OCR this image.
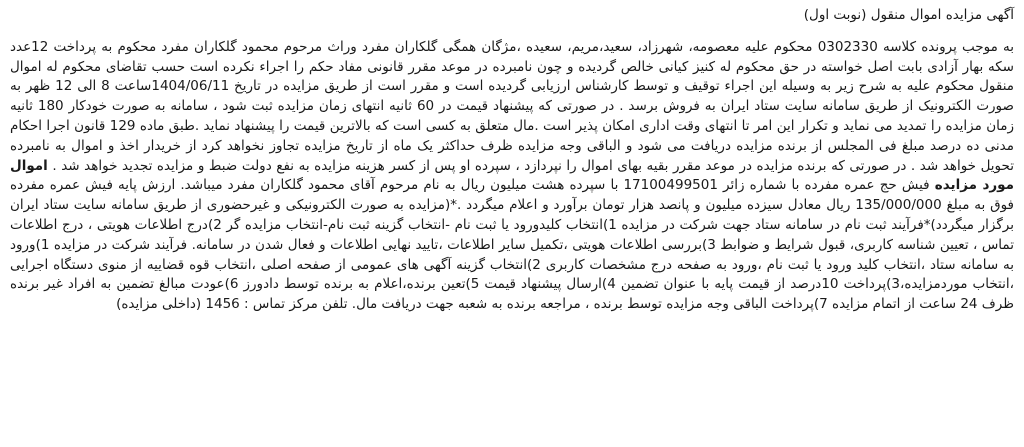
آگهی مزایده اموال منقول (نوبت اول)

به موجب پرونده کلاسه 0302330 محکوم علیه معصومه، شهرزاد، سعید،مریم، سعیده ،مژگان همگی گلکاران مفرد وراث مرحوم محمود گلکاران مفرد محکوم به پرداخت 12عدد سکه بهار آزادی بابت اصل خواسته در حق محکوم له کنیز کیانی خالص گردیده و چون نامبرده در موعد مقرر قانونی مفاد حکم را اجراء نکرده است حسب تقاضای محکوم له اموال منقول محکوم علیه به شرح زیر به وسیله این اجراء توقیف و توسط کارشناس ارزیابی گردیده است و مقرر است از طریق مزایده در تاریخ 1404/06/11ساعت 8 الی 12 ظهر به صورت الکترونیک از طریق سامانه سایت ستاد ایران به فروش برسد . در صورتی که پیشنهاد قیمت در 60 ثانیه انتهای زمان مزایده ثبت شود ، سامانه به صورت خودکار 180 ثانیه زمان مزایده را تمدید می نماید و تکرار این امر تا انتهای وقت اداری امکان پذیر است .مال متعلق به کسی است که بالاترین قیمت را پیشنهاد نماید .طبق ماده 129 قانون اجرا احکام مدنی ده درصد مبلغ فی المجلس از برنده مزایده دریافت می شود و الباقی وجه مزایده ظرف حداکثر یک ماه از تاریخ مزایده تجاوز نخواهد کرد از خریدار اخذ و اموال به نامبرده تحویل خواهد شد . در صورتی که برنده مزایده در موعد مقرر بقیه بهای اموال را نپردازد ، سپرده او پس از کسر هزینه مزایده به نفع دولت ضبط و مزایده تجدید خواهد شد . اموال مورد مزایده فیش حج عمره مفرده با شماره زائر 17100499501 با سپرده هشت میلیون ریال به نام مرحوم آقای محمود گلکاران مفرد میباشد. ارزش پایه فیش عمره مفرده فوق به مبلغ 135/000/000 ریال معادل سیزده میلیون و پانصد هزار تومان برآورد و اعلام میگردد .*(مزایده به صورت الکترونیکی و غیرحضوری از طریق سامانه سایت ستاد ایران برگزار میگردد)*فرآیند ثبت نام در سامانه ستاد جهت شرکت در مزایده 1)انتخاب کلیدورود یا ثبت نام -انتخاب گزینه ثبت نام-انتخاب مزایده گر 2)درج اطلاعات هویتی ، درج اطلاعات تماس ، تعیین شناسه کاربری، قبول شرایط و ضوابط 3)بررسی اطلاعات هویتی ،تکمیل سایر اطلاعات ،تایید نهایی اطلاعات و فعال شدن در سامانه. فرآیند شرکت در مزایده 1)ورود به سامانه ستاد ،انتخاب کلید ورود یا ثبت نام ،ورود به صفحه درج مشخصات کاربری 2)انتخاب گزینه آگهی های عمومی از صفحه اصلی ،انتخاب قوه قضاییه از منوی دستگاه اجرایی ،انتخاب موردمزایده،3)پرداخت 10درصد از قیمت پایه با عنوان تضمین 4)ارسال پیشنهاد قیمت 5)تعین برنده،اعلام به برنده توسط دادورز 6)عودت مبالغ تضمین به افراد غیر برنده ظرف 24 ساعت از اتمام مزایده 7)پرداخت الباقی وجه مزایده توسط برنده ، مراجعه برنده به شعبه جهت دریافت مال. تلفن مرکز تماس : 1456 (داخلی مزایده)
